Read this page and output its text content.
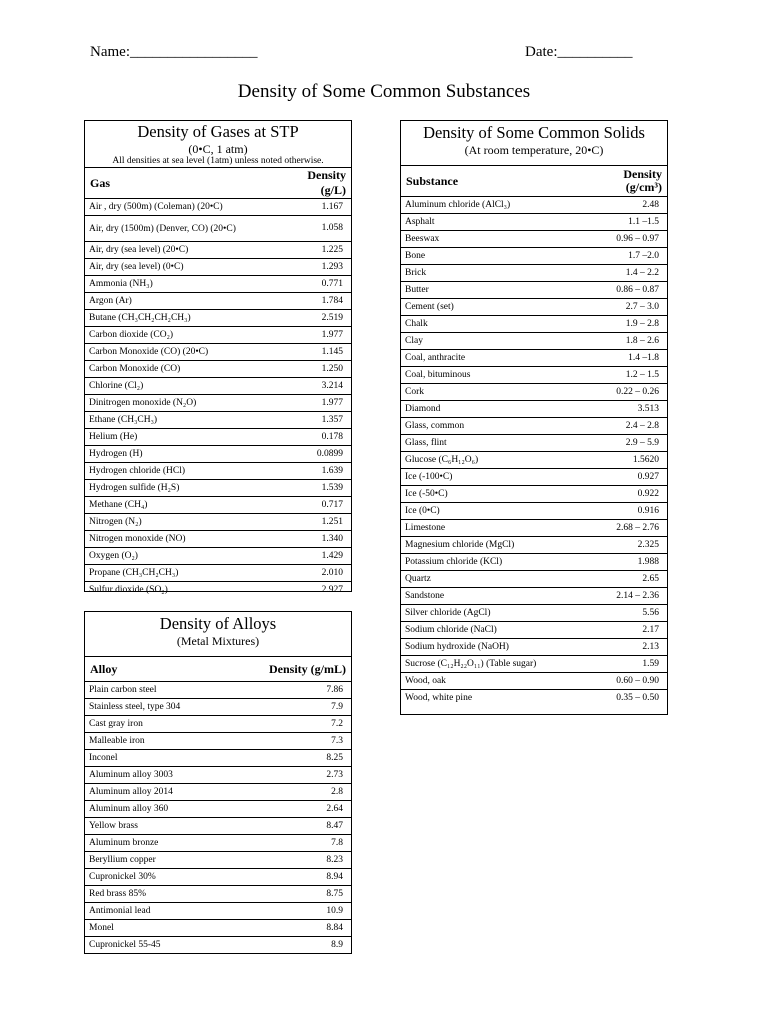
Name:_________________	Date:__________
Density of Some Common Substances
Density of Gases at STP
(0•C, 1 atm)
All densities at sea level (1atm) unless noted otherwise.
Gas	Density (g/L)
Air , dry (500m) (Coleman) (20•C)	1.167
Air, dry (1500m) (Denver, CO) (20•C)	1.058
Air, dry (sea level) (20•C)	1.225
Air, dry (sea level) (0•C)	1.293
Ammonia (NH₃)	0.771
Argon (Ar)	1.784
Butane (CH₃CH₂CH₂CH₃)	2.519
Carbon dioxide (CO₂)	1.977
Carbon Monoxide (CO) (20•C)	1.145
Carbon Monoxide (CO)	1.250
Chlorine (Cl₂)	3.214
Dinitrogen monoxide (N₂O)	1.977
Ethane (CH₃CH₃)	1.357
Helium (He)	0.178
Hydrogen (H)	0.0899
Hydrogen chloride (HCl)	1.639
Hydrogen sulfide (H₂S)	1.539
Methane (CH₄)	0.717
Nitrogen (N₂)	1.251
Nitrogen monoxide (NO)	1.340
Oxygen (O₂)	1.429
Propane (CH₃CH₂CH₃)	2.010
Sulfur dioxide (SO₂)	2.927
Density of Alloys
(Metal Mixtures)
Alloy	Density (g/mL)
Plain carbon steel	7.86
Stainless steel, type 304	7.9
Cast gray iron	7.2
Malleable iron	7.3
Inconel	8.25
Aluminum alloy 3003	2.73
Aluminum alloy 2014	2.8
Aluminum alloy 360	2.64
Yellow brass	8.47
Aluminum bronze	7.8
Beryllium copper	8.23
Cupronickel 30%	8.94
Red brass 85%	8.75
Antimonial lead	10.9
Monel	8.84
Cupronickel 55-45	8.9
Density of Some Common Solids
(At room temperature, 20•C)
Substance	Density
(g/cm³)

Aluminum chloride (AlCl₃)	2.48
Asphalt	1.1 –1.5
Beeswax	0.96 – 0.97
Bone	1.7 –2.0
Brick	1.4 – 2.2
Butter	0.86 – 0.87
Cement (set)	2.7 – 3.0
Chalk	1.9 – 2.8
Clay	1.8 – 2.6
Coal, anthracite	1.4 –1.8
Coal, bituminous	1.2 – 1.5
Cork	0.22 – 0.26
Diamond	3.513
Glass, common	2.4 – 2.8
Glass, flint	2.9 – 5.9
Glucose (C₆H₁₂O₆)	1.5620
Ice (-100•C)	0.927
Ice (-50•C)	0.922
Ice (0•C)	0.916
Limestone	2.68 – 2.76
Magnesium chloride (MgCl)	2.325
Potassium chloride (KCl)	1.988
Quartz	2.65
Sandstone	2.14 – 2.36
Silver chloride (AgCl)	5.56
Sodium chloride (NaCl)	2.17
Sodium hydroxide (NaOH)	2.13
Sucrose (C₁₂H₂₂O₁₁) (Table sugar)	1.59
Wood, oak	0.60 – 0.90
Wood, white pine	0.35 – 0.50
